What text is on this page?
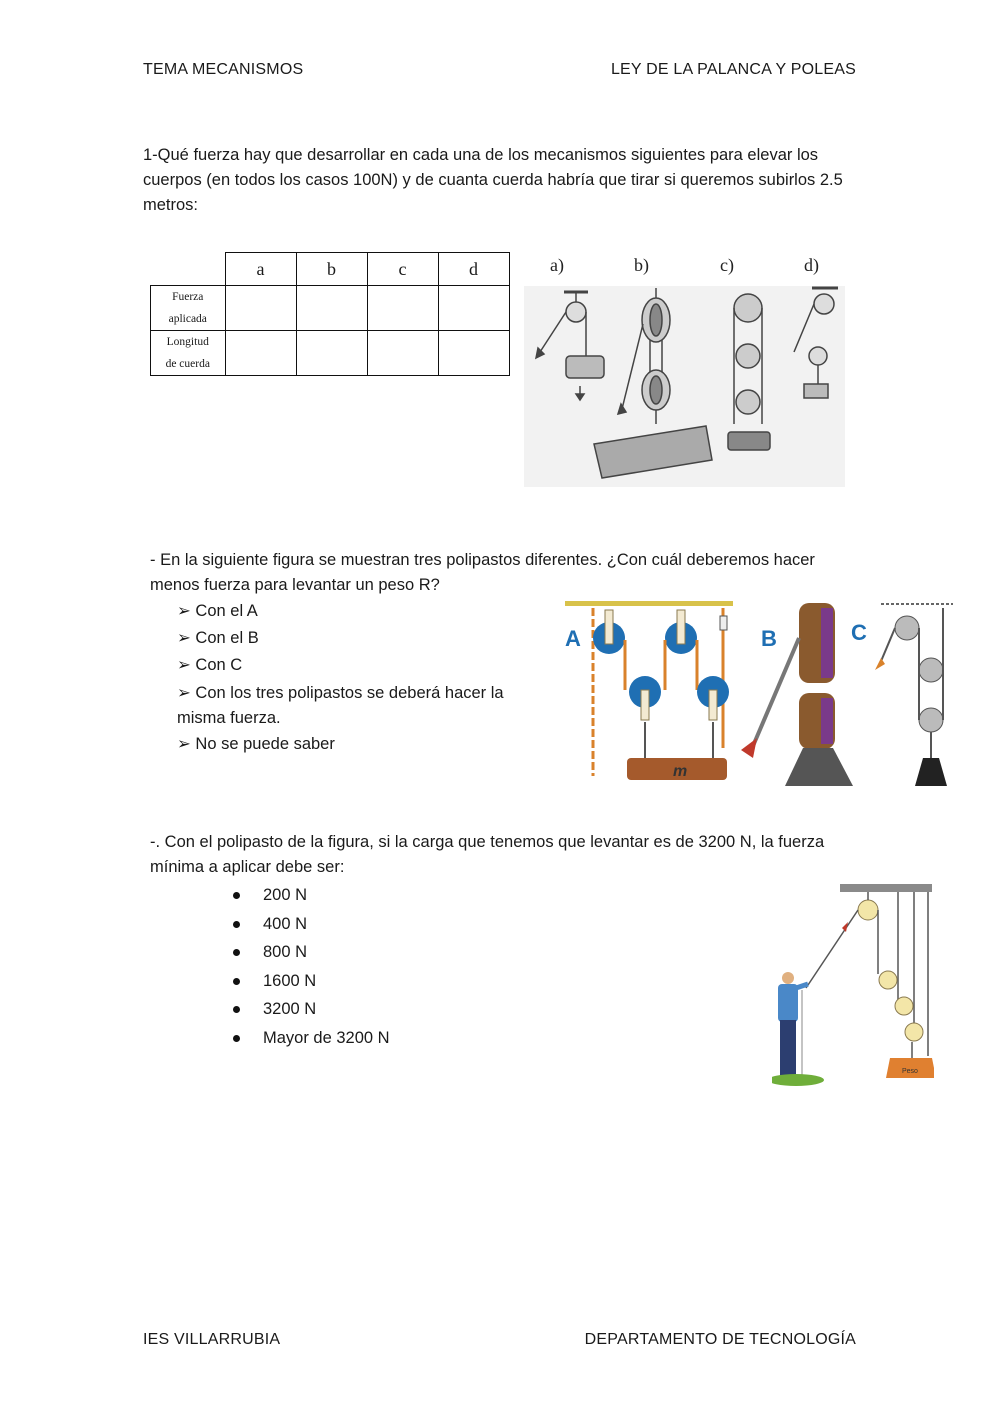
TEMA MECANISMOS	LEY DE LA PALANCA Y POLEAS
1-Qué fuerza hay que desarrollar en cada una de los mecanismos siguientes para elevar los cuerpos (en todos los casos 100N) y de cuanta cuerda habría que tirar si queremos subirlos 2.5 metros:
	a	b	c	d

Fuerza
aplicada				

Longitud
de cuerda				

a)	b)	c)	d)
- En la siguiente figura se muestran tres polipastos diferentes. ¿Con cuál deberemos hacer menos fuerza para levantar un peso R?
➢ Con el A
➢ Con el B
➢ Con C
➢ Con los tres polipastos se deberá hacer la
misma fuerza.
➢ No se puede saber
A
m
B	C
-. Con el polipasto de la figura, si la carga que tenemos que levantar es de 3200 N, la fuerza mínima a aplicar debe ser:
200 N
400 N
800 N
1600 N
3200 N
Mayor de 3200 N
Peso
IES VILLARRUBIA	DEPARTAMENTO DE TECNOLOGÍA
